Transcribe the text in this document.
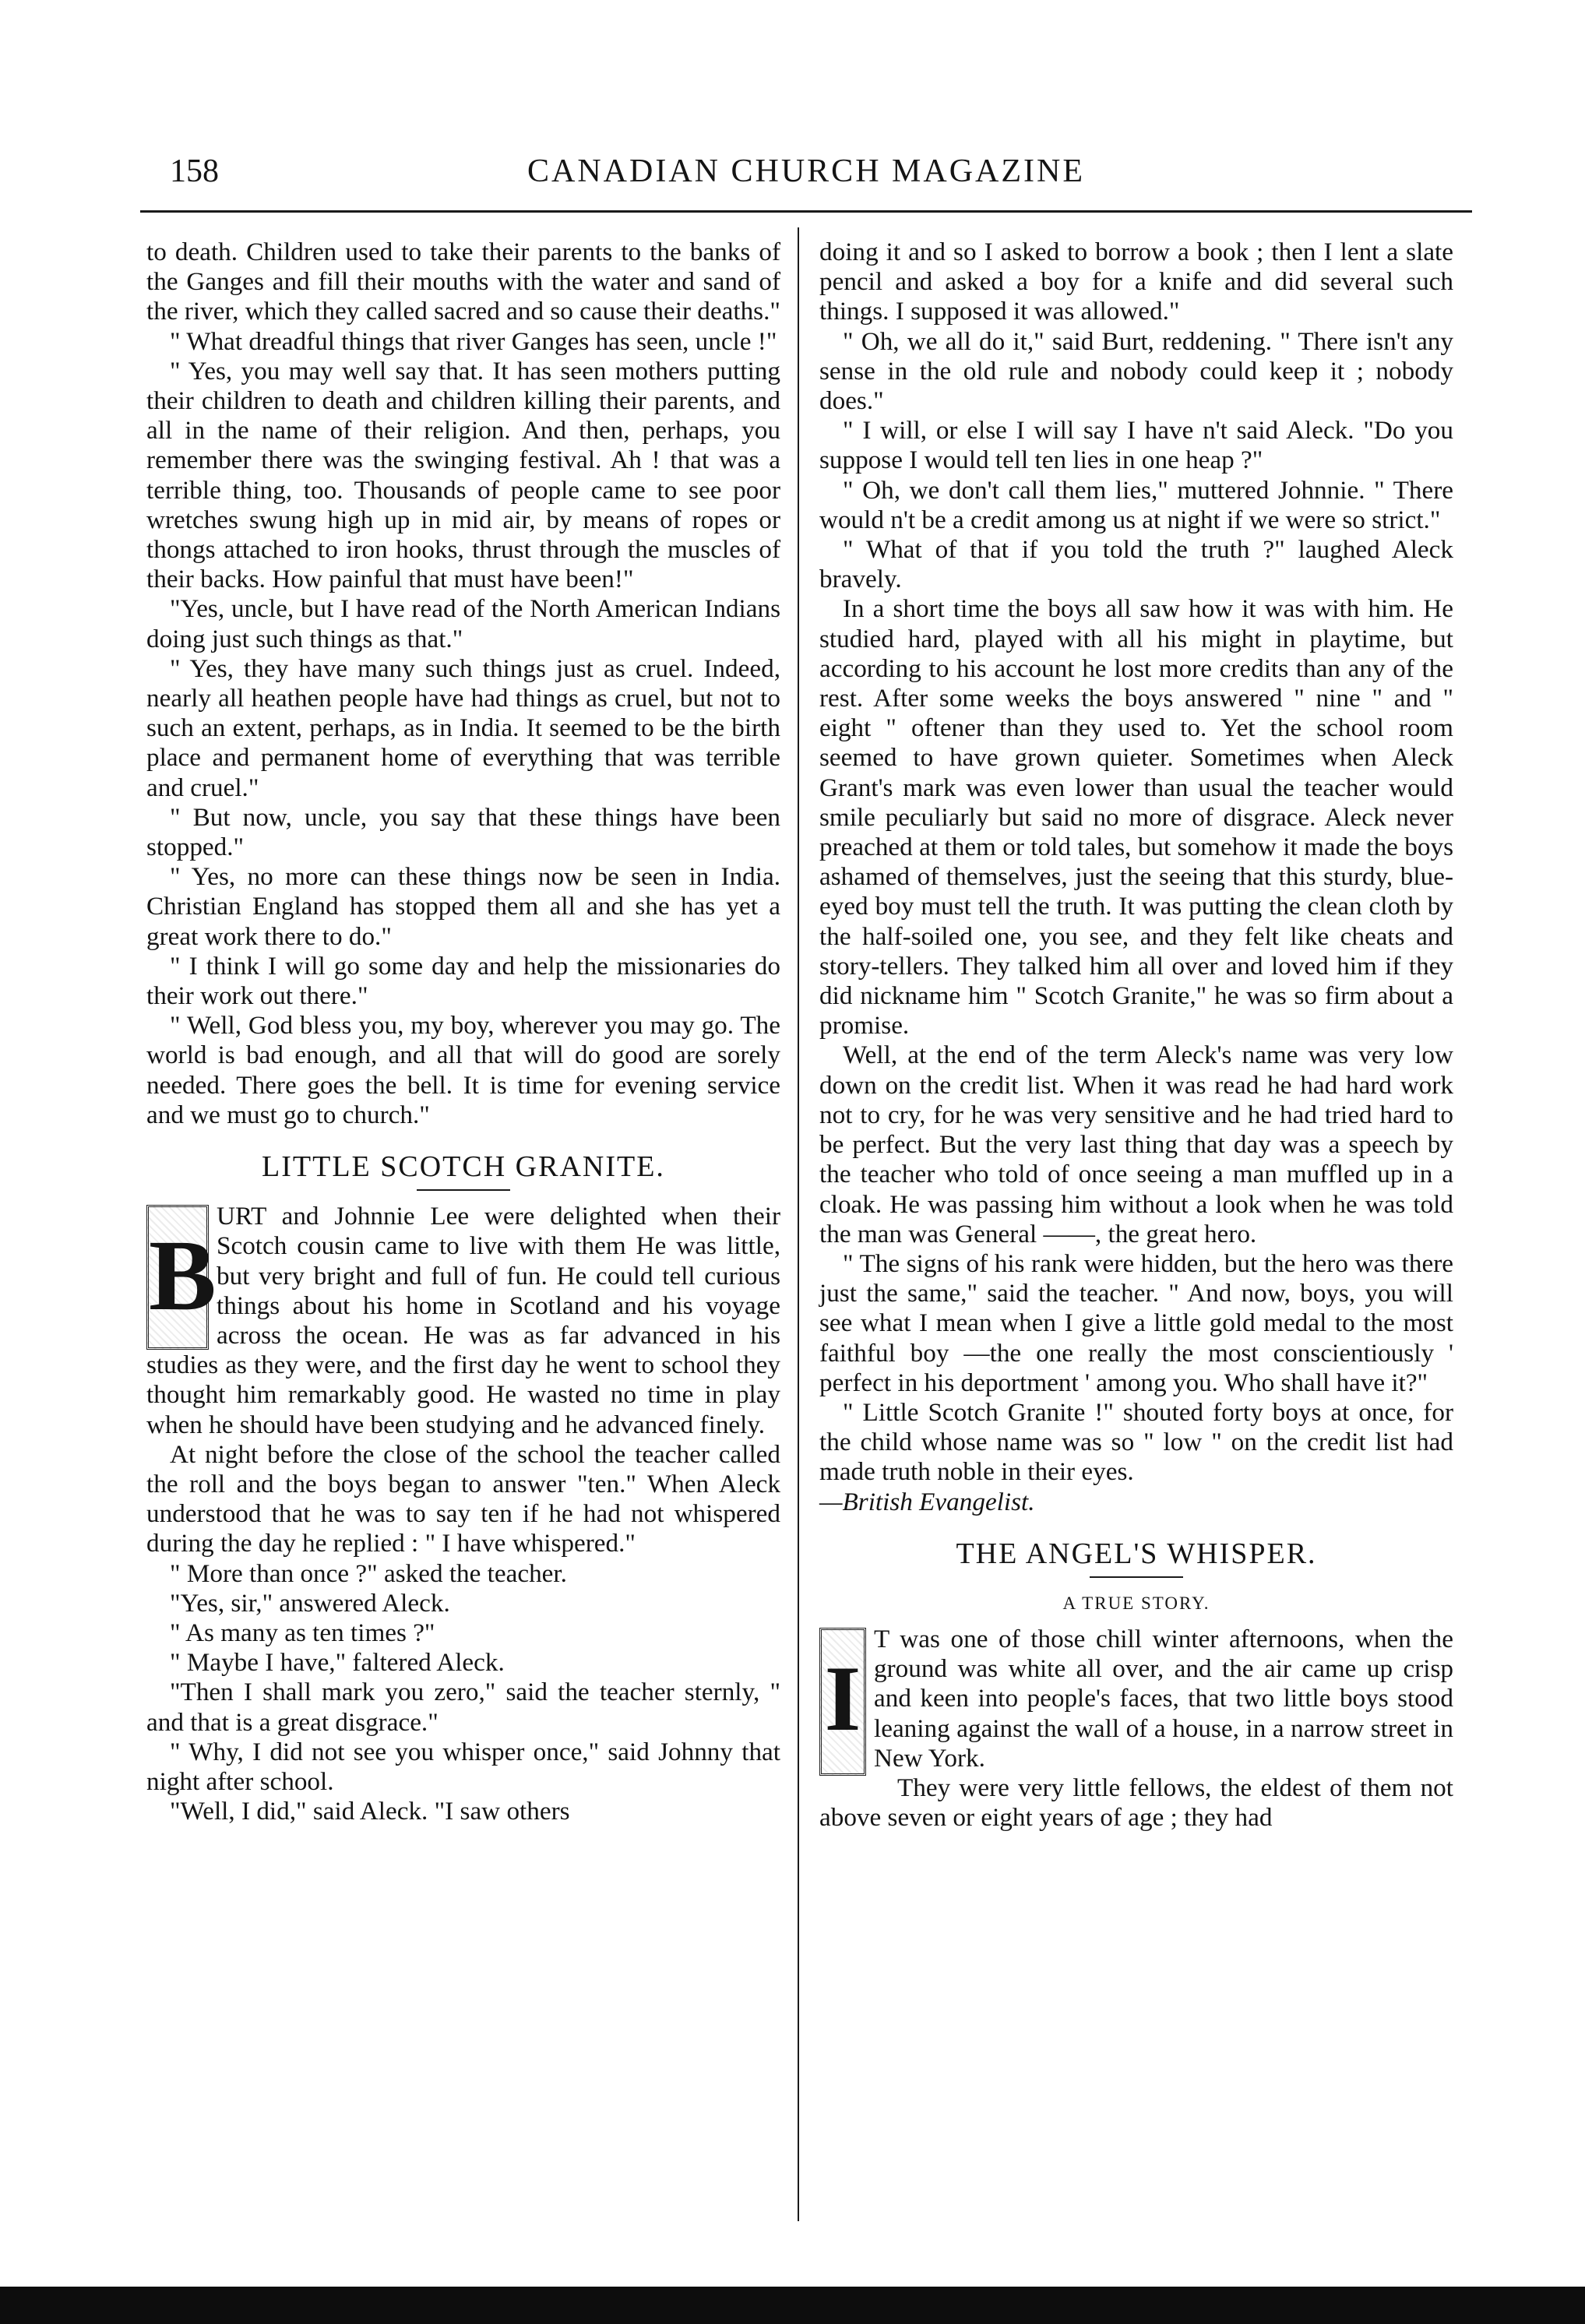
158	CANADIAN CHURCH MAGAZINE

to death. Children used to take their parents to the banks of the Ganges and fill their mouths with the water and sand of the river, which they called sacred and so cause their deaths."

" What dreadful things that river Ganges has seen, uncle !"

" Yes, you may well say that. It has seen mothers putting their children to death and children killing their parents, and all in the name of their religion. And then, perhaps, you remember there was the swinging festival. Ah ! that was a terrible thing, too. Thousands of people came to see poor wretches swung high up in mid air, by means of ropes or thongs attached to iron hooks, thrust through the muscles of their backs. How painful that must have been!"

"Yes, uncle, but I have read of the North American Indians doing just such things as that."

" Yes, they have many such things just as cruel. Indeed, nearly all heathen people have had things as cruel, but not to such an extent, perhaps, as in India. It seemed to be the birth place and permanent home of everything that was terrible and cruel."

" But now, uncle, you say that these things have been stopped."

" Yes, no more can these things now be seen in India. Christian England has stopped them all and she has yet a great work there to do."

" I think I will go some day and help the missionaries do their work out there."

" Well, God bless you, my boy, wherever you may go. The world is bad enough, and all that will do good are sorely needed. There goes the bell. It is time for evening service and we must go to church."

LITTLE SCOTCH GRANITE.

B
URT and Johnnie Lee were delighted when their Scotch cousin came to live with them He was little, but very bright and full of fun. He could tell curious things about his home in Scotland and his voyage across the ocean. He was as far advanced in his studies as they were, and the first day he went to school they thought him remarkably good. He wasted no time in play when he should have been studying and he advanced finely.

At night before the close of the school the teacher called the roll and the boys began to answer "ten." When Aleck understood that he was to say ten if he had not whispered during the day he replied : " I have whispered."

" More than once ?" asked the teacher.

"Yes, sir," answered Aleck.

" As many as ten times ?"

" Maybe I have," faltered Aleck.

"Then I shall mark you zero," said the teacher sternly, " and that is a great disgrace."

" Why, I did not see you whisper once," said Johnny that night after school.

"Well, I did," said Aleck. "I saw others

doing it and so I asked to borrow a book ; then I lent a slate pencil and asked a boy for a knife and did several such things. I supposed it was allowed."

" Oh, we all do it," said Burt, reddening. " There isn't any sense in the old rule and nobody could keep it ; nobody does."

" I will, or else I will say I have n't said Aleck. "Do you suppose I would tell ten lies in one heap ?"

" Oh, we don't call them lies," muttered Johnnie. " There would n't be a credit among us at night if we were so strict."

" What of that if you told the truth ?" laughed Aleck bravely.

In a short time the boys all saw how it was with him. He studied hard, played with all his might in playtime, but according to his account he lost more credits than any of the rest. After some weeks the boys answered " nine " and " eight " oftener than they used to. Yet the school room seemed to have grown quieter. Sometimes when Aleck Grant's mark was even lower than usual the teacher would smile peculiarly but said no more of disgrace. Aleck never preached at them or told tales, but somehow it made the boys ashamed of themselves, just the seeing that this sturdy, blue-eyed boy must tell the truth. It was putting the clean cloth by the half-soiled one, you see, and they felt like cheats and story-tellers. They talked him all over and loved him if they did nickname him " Scotch Granite," he was so firm about a promise.

Well, at the end of the term Aleck's name was very low down on the credit list. When it was read he had hard work not to cry, for he was very sensitive and he had tried hard to be perfect. But the very last thing that day was a speech by the teacher who told of once seeing a man muffled up in a cloak. He was passing him without a look when he was told the man was General ——, the great hero.

" The signs of his rank were hidden, but the hero was there just the same," said the teacher. " And now, boys, you will see what I mean when I give a little gold medal to the most faithful boy —the one really the most conscientiously ' perfect in his deportment ' among you. Who shall have it?"

" Little Scotch Granite !" shouted forty boys at once, for the child whose name was so " low " on the credit list had made truth noble in their eyes.

—British Evangelist.

THE ANGEL'S WHISPER.
A TRUE STORY.

I
T was one of those chill winter afternoons, when the ground was white all over, and the air came up crisp and keen into people's faces, that two little boys stood leaning against the wall of a house, in a narrow street in New York.

They were very little fellows, the eldest of them not above seven or eight years of age ; they had
